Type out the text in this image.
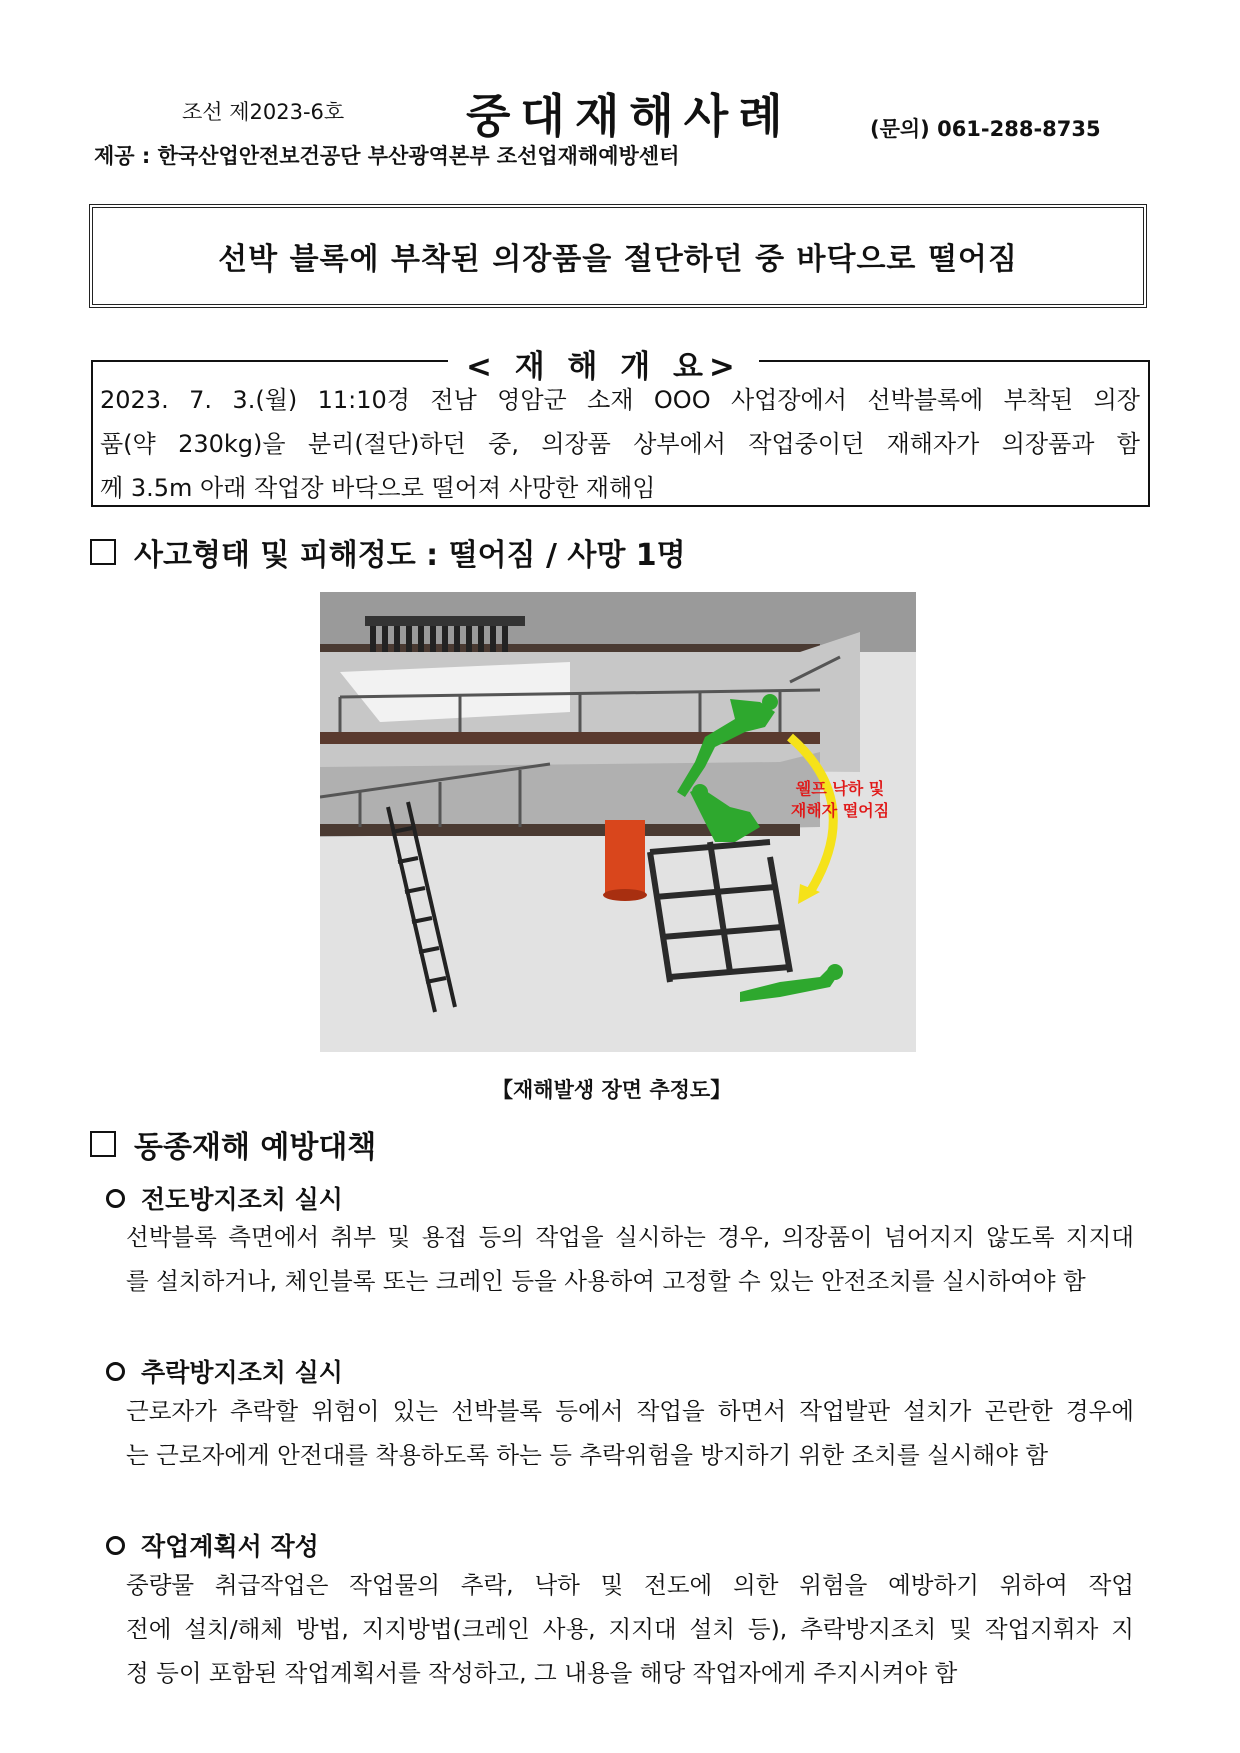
조선 제2023-6호	중대재해사례	(문의) 061-288-8735
제공 : 한국산업안전보건공단 부산광역본부 조선업재해예방센터
선박 블록에 부착된 의장품을 절단하던 중 바닥으로 떨어짐
< 재 해 개 요>
2023. 7. 3.(월) 11:10경 전남 영암군 소재 OOO 사업장에서 선박블록에 부착된 의장
품(약 230kg)을 분리(절단)하던 중, 의장품 상부에서 작업중이던 재해자가 의장품과 함
께 3.5m 아래 작업장 바닥으로 떨어져 사망한 재해임
사고형태 및 피해정도 : 떨어짐 / 사망 1명
웰프 낙하 및
재해자 떨어짐
【재해발생 장면 추정도】
동종재해 예방대책
전도방지조치 실시
선박블록 측면에서 취부 및 용접 등의 작업을 실시하는 경우, 의장품이 넘어지지 않도록 지지대
를 설치하거나, 체인블록 또는 크레인 등을 사용하여 고정할 수 있는 안전조치를 실시하여야 함
추락방지조치 실시
근로자가 추락할 위험이 있는 선박블록 등에서 작업을 하면서 작업발판 설치가 곤란한 경우에
는 근로자에게 안전대를 착용하도록 하는 등 추락위험을 방지하기 위한 조치를 실시해야 함
작업계획서 작성
중량물 취급작업은 작업물의 추락, 낙하 및 전도에 의한 위험을 예방하기 위하여 작업
전에 설치/해체 방법, 지지방법(크레인 사용, 지지대 설치 등), 추락방지조치 및 작업지휘자 지
정 등이 포함된 작업계획서를 작성하고, 그 내용을 해당 작업자에게 주지시켜야 함
